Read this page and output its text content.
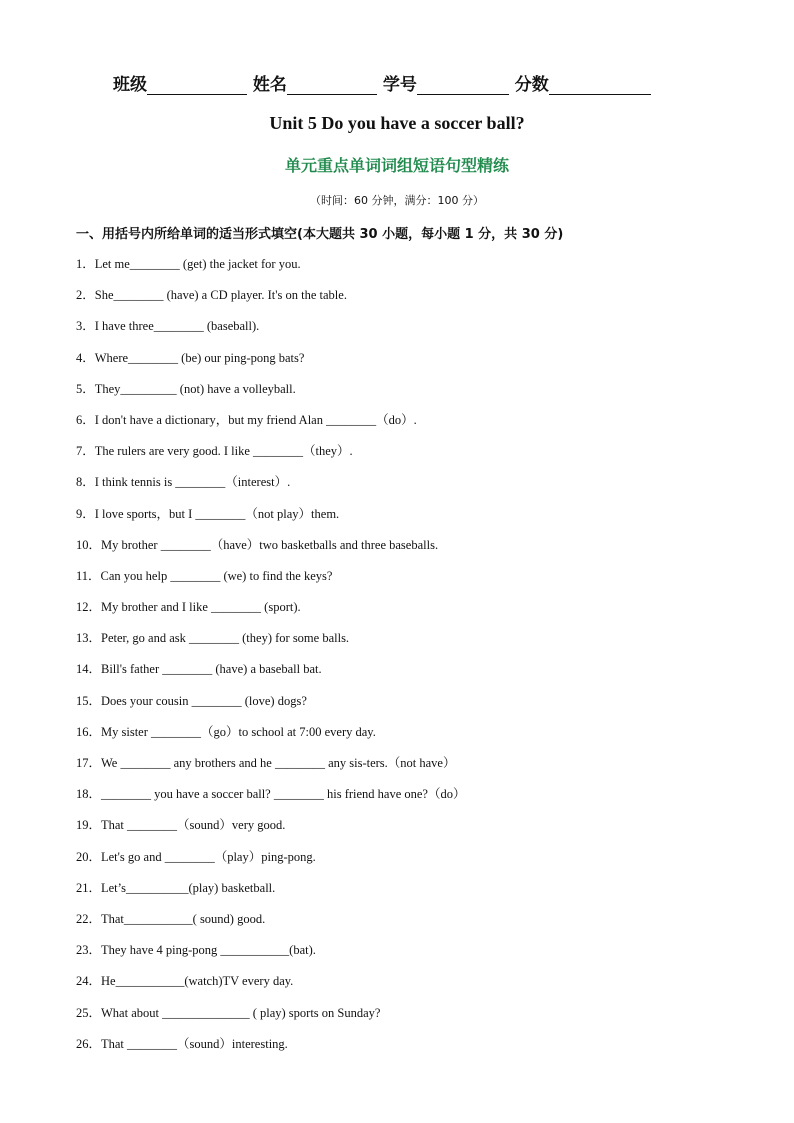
班级	姓名	学号	分数
Unit 5 Do you have a soccer ball?
单元重点单词词组短语句型精练
（时间：60 分钟，满分：100 分）
一、用括号内所给单词的适当形式填空(本大题共 30 小题，每小题 1 分，共 30 分)
1．Let me________ (get) the jacket for you.
2．She________ (have) a CD player. It's on the table.
3．I have three________ (baseball).
4．Where________ (be) our ping-pong bats?
5．They_________ (not) have a volleyball.
6．I don't have a dictionary，but my friend Alan ________（do）.
7．The rulers are very good. I like ________（they）.
8．I think tennis is ________（interest）.
9．I love sports，but I ________（not play）them.
10．My brother ________（have）two basketballs and three baseballs.
11．Can you help ________ (we) to find the keys?
12．My brother and I like ________ (sport).
13．Peter, go and ask ________ (they) for some balls.
14．Bill's father ________ (have) a baseball bat.
15．Does your cousin ________ (love) dogs?
16．My sister ________（go）to school at 7:00 every day.
17．We ________ any brothers and he ________ any sis-ters.（not have）
18．________ you have a soccer ball? ________ his friend have one?（do）
19．That ________（sound）very good.
20．Let's go and ________（play）ping-pong.
21．Let’s__________(play) basketball.
22．That___________( sound) good.
23．They have 4 ping-pong ___________(bat).
24．He___________(watch)TV every day.
25．What about ______________ ( play) sports on Sunday?
26．That ________（sound）interesting.
